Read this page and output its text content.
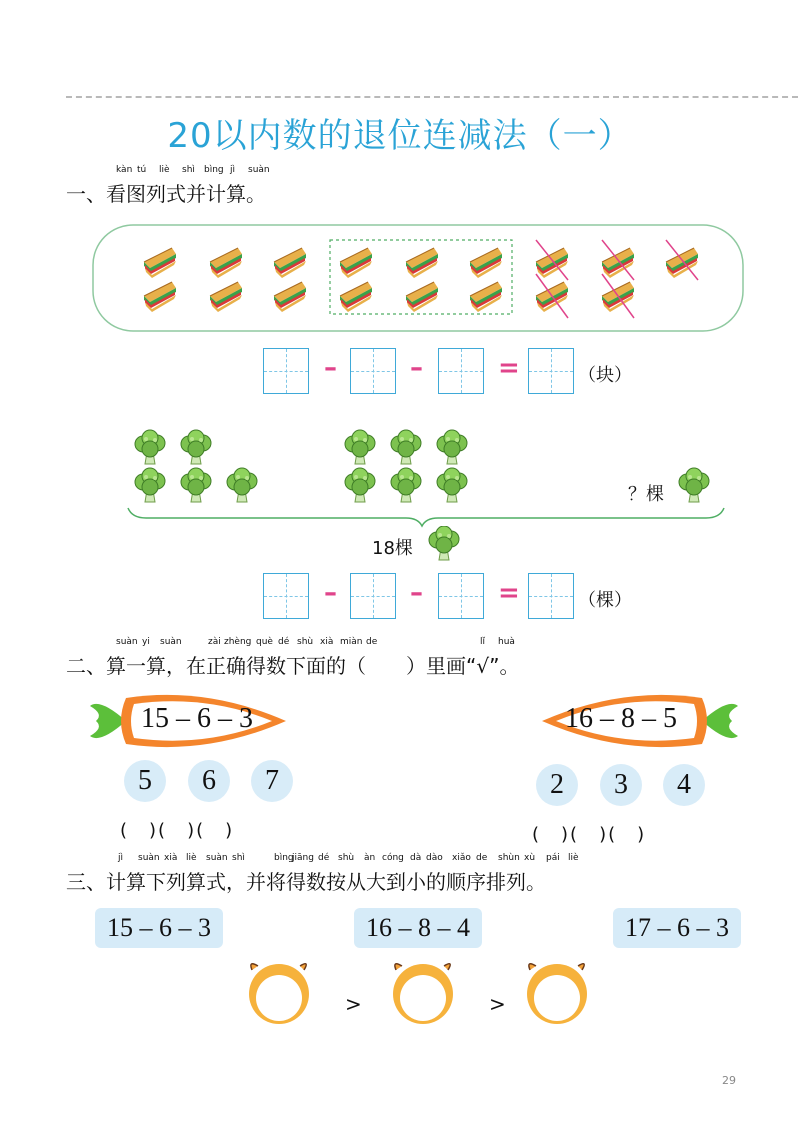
20以内数的退位连减法（一）
kàn tú liè shì bìng jì suàn
一、看图列式并计算。
–	–	=	（块）
？棵
18棵
–	–	=	（棵）
suàn yi suàn	zài zhèng què dé shù xià miàn de	lǐ huà
二、算一算，在正确得数下面的（　　）里画“√”。
15 – 6 – 3
5	6	7
(　)(　)(　)
16 – 8 – 5
2	3	4
(　)(　)(　)
jì suàn xià liè suàn shì	bìng
jiāng dé shù àn cóng dà dào xiǎo de shùn xù pái liè
三、计算下列算式，并将得数按从大到小的顺序排列。
15 – 6 – 3	16 – 8 – 4	17 – 6 – 3
>	>
29
